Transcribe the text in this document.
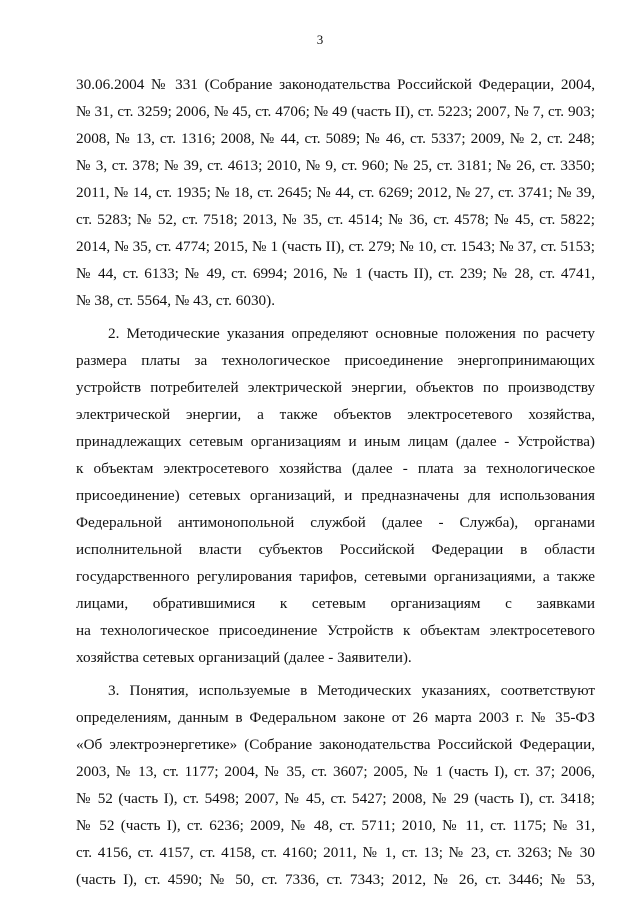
3
30.06.2004 № 331 (Собрание законодательства Российской Федерации, 2004,
№ 31, ст. 3259; 2006, № 45, ст. 4706; № 49 (часть II), ст. 5223; 2007, № 7, ст. 903;
2008, № 13, ст. 1316; 2008, № 44, ст. 5089; № 46, ст. 5337; 2009, № 2, ст. 248;
№ 3, ст. 378; № 39, ст. 4613; 2010, № 9, ст. 960; № 25, ст. 3181; № 26, ст. 3350;
2011, № 14, ст. 1935; № 18, ст. 2645; № 44, ст. 6269; 2012, № 27, ст. 3741; № 39,
ст. 5283; № 52, ст. 7518; 2013, № 35, ст. 4514; № 36, ст. 4578; № 45, ст. 5822;
2014, № 35, ст. 4774; 2015, № 1 (часть II), ст. 279; № 10, ст. 1543; № 37, ст. 5153;
№ 44, ст. 6133; № 49, ст. 6994; 2016, № 1 (часть II), ст. 239; № 28, ст. 4741,
№ 38, ст. 5564, № 43, ст. 6030).
2. Методические указания определяют основные положения по расчету
размера платы за технологическое присоединение энергопринимающих
устройств потребителей электрической энергии, объектов по производству
электрической энергии, а также объектов электросетевого хозяйства,
принадлежащих сетевым организациям и иным лицам (далее - Устройства)
к объектам электросетевого хозяйства (далее - плата за технологическое
присоединение) сетевых организаций, и предназначены для использования
Федеральной антимонопольной службой (далее - Служба), органами
исполнительной власти субъектов Российской Федерации в области
государственного регулирования тарифов, сетевыми организациями, а также
лицами, обратившимися к сетевым организациям с заявками
на технологическое присоединение Устройств к объектам электросетевого
хозяйства сетевых организаций (далее - Заявители).
3. Понятия, используемые в Методических указаниях, соответствуют
определениям, данным в Федеральном законе от 26 марта 2003 г. № 35-ФЗ
«Об электроэнергетике» (Собрание законодательства Российской Федерации,
2003, № 13, ст. 1177; 2004, № 35, ст. 3607; 2005, № 1 (часть I), ст. 37; 2006,
№ 52 (часть I), ст. 5498; 2007, № 45, ст. 5427; 2008, № 29 (часть I), ст. 3418;
№ 52 (часть I), ст. 6236; 2009, № 48, ст. 5711; 2010, № 11, ст. 1175; № 31,
ст. 4156, ст. 4157, ст. 4158, ст. 4160; 2011, № 1, ст. 13; № 23, ст. 3263; № 30
(часть I), ст. 4590; № 50, ст. 7336, ст. 7343; 2012, № 26, ст. 3446; № 53,
